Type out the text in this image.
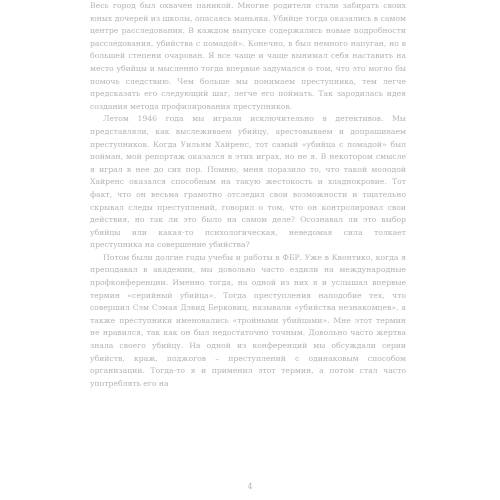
Весь город был охвачен паникой. Многие родители стали забирать своих юных дочерей из школы, опасаясь маньяка. Убийце тогда оказались в самом центре расследования. В каждом выпуске содержались новые подробности расследования, убийства с помадой». Конечно, в был немного напуган, но в большей степени очарован. Я все чаще и чаще вынимал себя наставить на место убийцы и мысленно тогда впервые задумался о том, что это могло бы помочь следствию. Чем больше мы понимаем преступника, тем легче предсказать его следующий шаг, легче его поймать. Так зародилась идея создания метода профилирования преступников.

Летом 1946 года мы играли исключительно в детективов. Мы представляли, как выслеживаем убийцу, арестовываем и допрашиваем преступников. Когда Уильям Хайренс, тот самый «убийца с помадой» был пойман, мой репортаж оказался в этих играх, но не я. В некотором смысле я играл в нее до сих пор. Помню, меня поразило то, что такой молодой Хайренс оказался способным на такую жестокость и хладнокровие. Тот факт, что он весьма грамотно отследил свои возможности и тщательно скрывал следы преступлений, говорил о том, что он контролировал свои действия, но так ли это было на самом деле? Осознавал ли это выбор убийцы или какая-то психологическая, неведомая сила толкает преступника на совершение убийства?

Потом были долгие годы учебы и работы в ФБР. Уже в Квонтико, когда я преподавал в академии, мы довольно часто ездили на международные профконференции. Именно тогда, на одной из них я и услышал впервые термин «серийный убийца». Тогда преступления наподобие тех, что совершил Сэм Сэмая Дэвид Берковиц, называли «убийства незнакомцев», а также преступники именовались «тройными убийцами». Мне этот термин не нравился, так как он был недостаточно точным. Довольно часто жертва знала своего убийцу. На одной из конференций мы обсуждали серии убийств, краж, поджогов – преступлений с одинаковым способом организации. Тогда-то я и применил этот термин, а потом стал часто употреблять его на

4
